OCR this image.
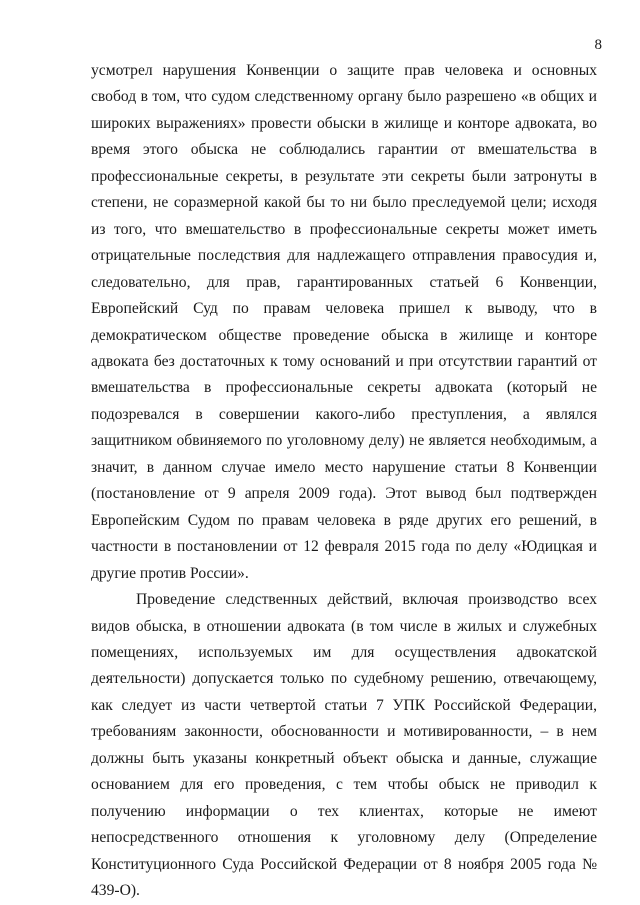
8

усмотрел нарушения Конвенции о защите прав человека и основных свобод в том, что судом следственному органу было разрешено «в общих и широких выражениях» провести обыски в жилище и конторе адвоката, во время этого обыска не соблюдались гарантии от вмешательства в профессиональные секреты, в результате эти секреты были затронуты в степени, не соразмерной какой бы то ни было преследуемой цели; исходя из того, что вмешательство в профессиональные секреты может иметь отрицательные последствия для надлежащего отправления правосудия и, следовательно, для прав, гарантированных статьей 6 Конвенции, Европейский Суд по правам человека пришел к выводу, что в демократическом обществе проведение обыска в жилище и конторе адвоката без достаточных к тому оснований и при отсутствии гарантий от вмешательства в профессиональные секреты адвоката (который не подозревался в совершении какого-либо преступления, а являлся защитником обвиняемого по уголовному делу) не является необходимым, а значит, в данном случае имело место нарушение статьи 8 Конвенции (постановление от 9 апреля 2009 года). Этот вывод был подтвержден Европейским Судом по правам человека в ряде других его решений, в частности в постановлении от 12 февраля 2015 года по делу «Юдицкая и другие против России».

Проведение следственных действий, включая производство всех видов обыска, в отношении адвоката (в том числе в жилых и служебных помещениях, используемых им для осуществления адвокатской деятельности) допускается только по судебному решению, отвечающему, как следует из части четвертой статьи 7 УПК Российской Федерации, требованиям законности, обоснованности и мотивированности, – в нем должны быть указаны конкретный объект обыска и данные, служащие основанием для его проведения, с тем чтобы обыск не приводил к получению информации о тех клиентах, которые не имеют непосредственного отношения к уголовному делу (Определение Конституционного Суда Российской Федерации от 8 ноября 2005 года № 439-О).
